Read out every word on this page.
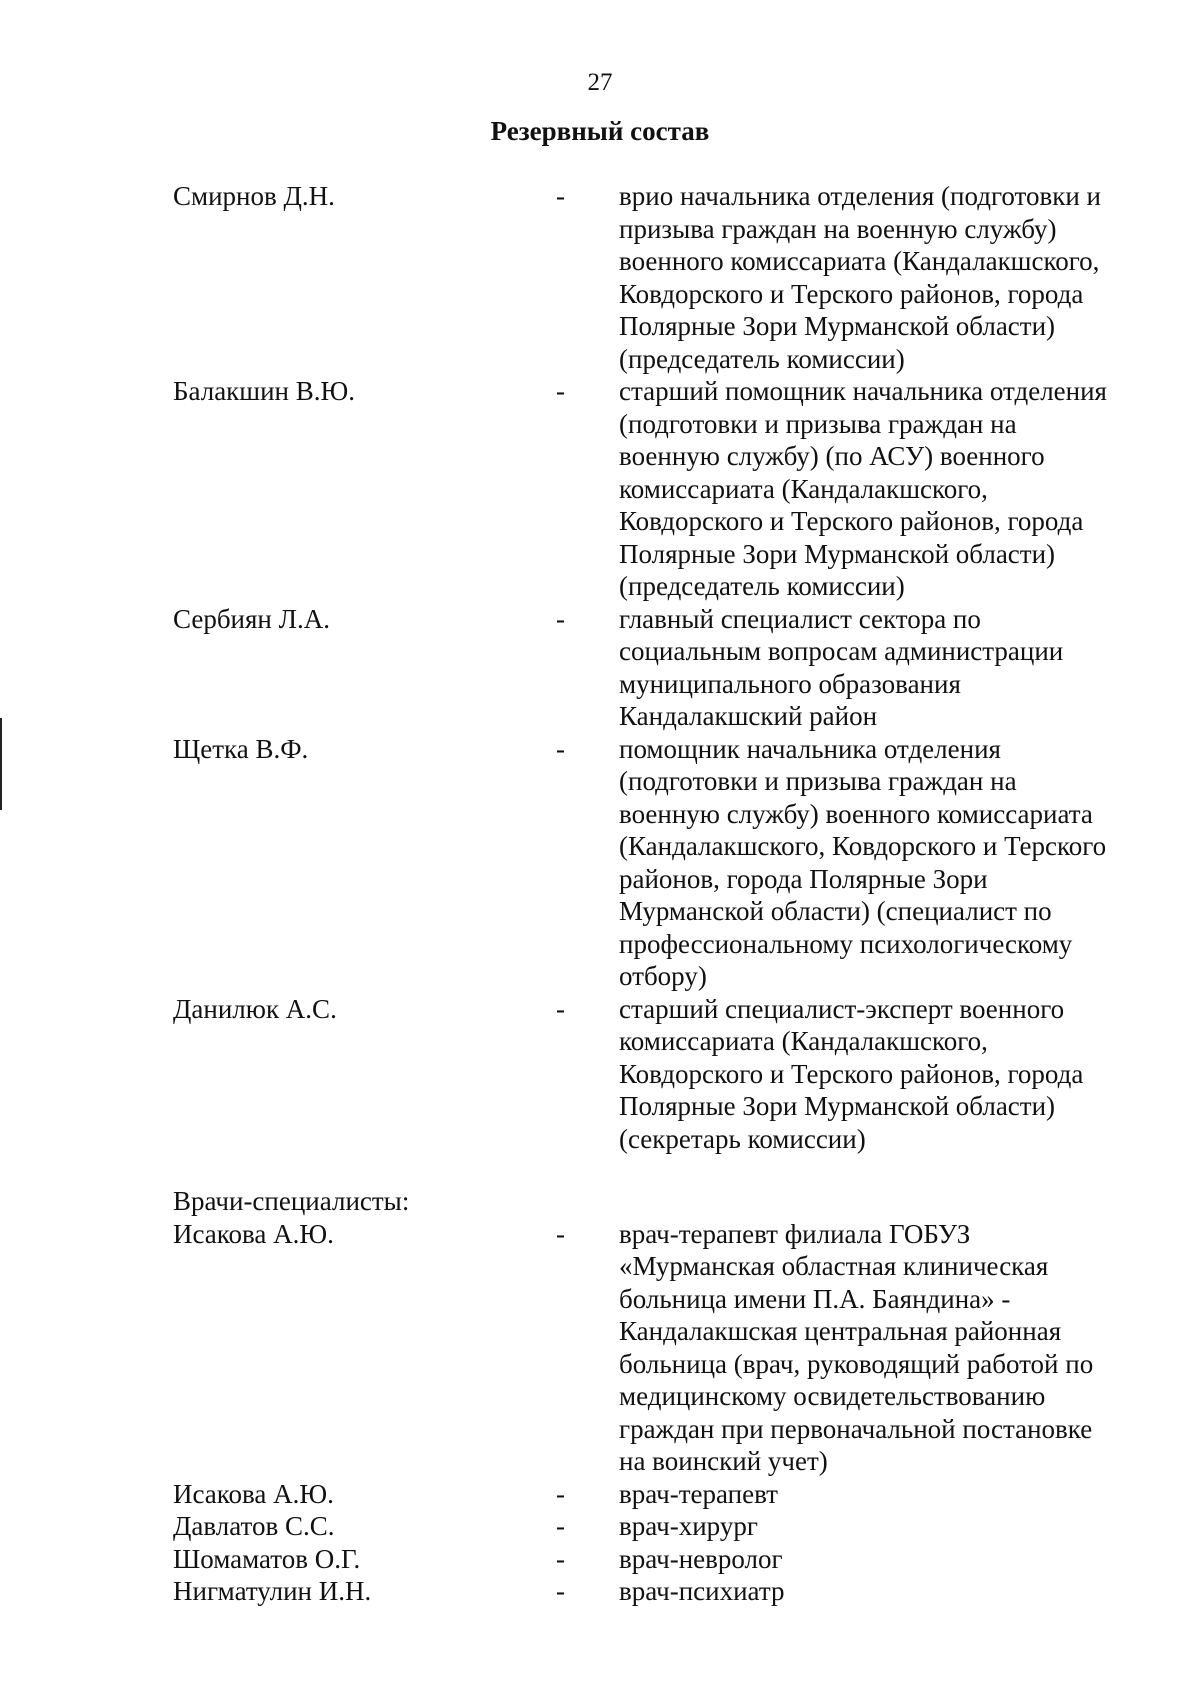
27
Резервный состав
Смирнов Д.Н.	- врио начальника отделения (подготовки и
призыва граждан на военную службу)
военного комиссариата (Кандалакшского,
Ковдорского и Терского районов, города
Полярные Зори Мурманской области)
(председатель комиссии)
Балакшин В.Ю.	- старший помощник начальника отделения
(подготовки и призыва граждан на
военную службу) (по АСУ) военного
комиссариата (Кандалакшского,
Ковдорского и Терского районов, города
Полярные Зори Мурманской области)
(председатель комиссии)
Сербиян Л.А.	- главный специалист сектора по
социальным вопросам администрации
муниципального образования
Кандалакшский район
Щетка В.Ф.	- помощник начальника отделения
(подготовки и призыва граждан на
военную службу) военного комиссариата
(Кандалакшского, Ковдорского и Терского
районов, города Полярные Зори
Мурманской области) (специалист по
профессиональному психологическому
отбору)
Данилюк А.С.	- старший специалист-эксперт военного
комиссариата (Кандалакшского,
Ковдорского и Терского районов, города
Полярные Зори Мурманской области)
(секретарь комиссии)
Врачи-специалисты:
Исакова А.Ю.	- врач-терапевт филиала ГОБУЗ
«Мурманская областная клиническая
больница имени П.А. Баяндина» -
Кандалакшская центральная районная
больница (врач, руководящий работой по
медицинскому освидетельствованию
граждан при первоначальной постановке
на воинский учет)
Исакова А.Ю.	- врач-терапевт
Давлатов С.С.	- врач-хирург
Шомаматов О.Г.	- врач-невролог
Нигматулин И.Н.	- врач-психиатр
